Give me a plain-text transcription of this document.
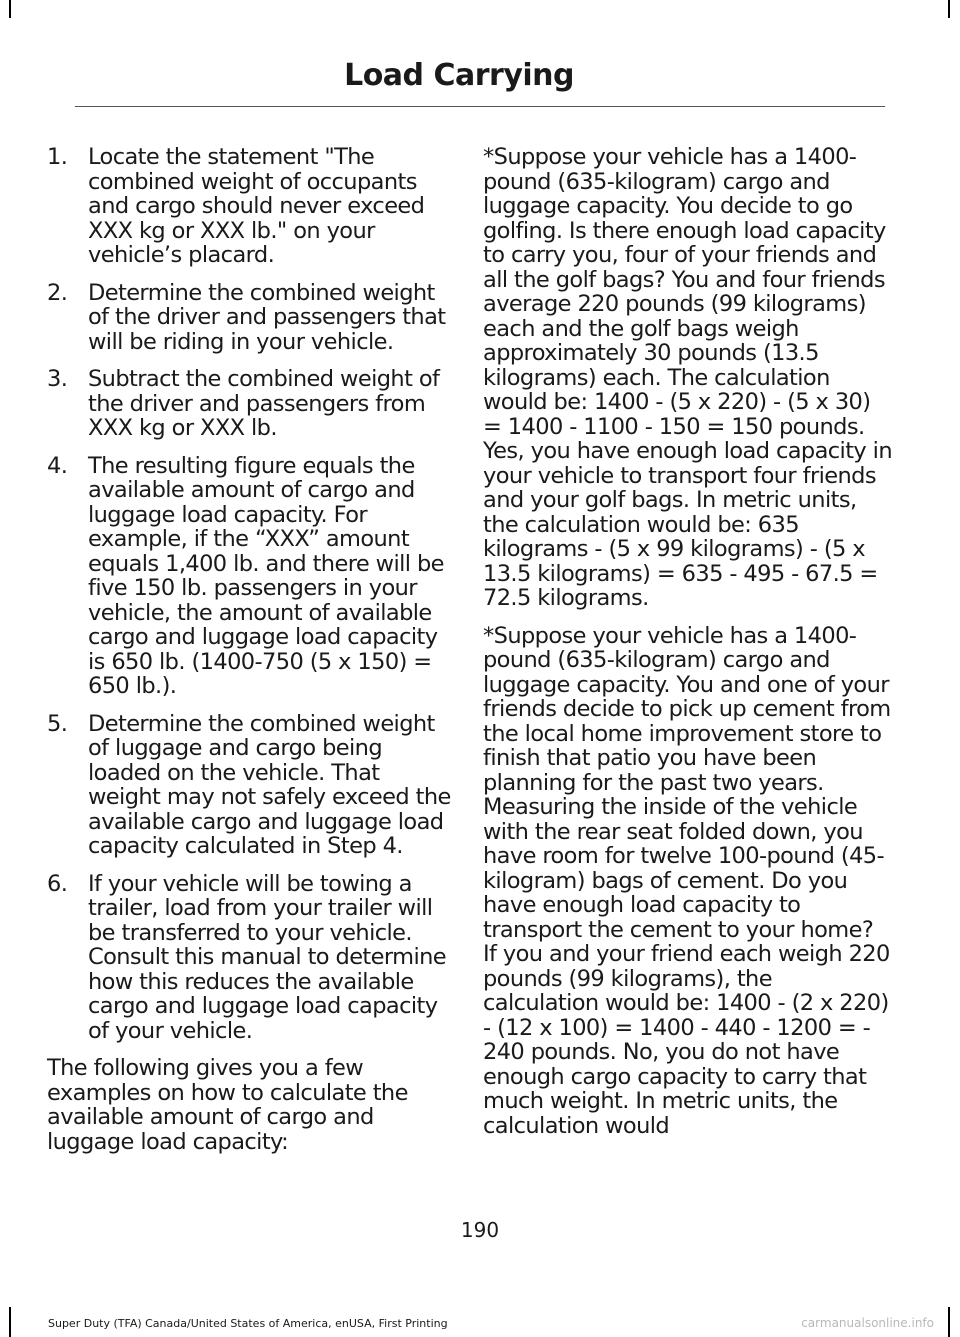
Load Carrying
1. Locate the statement "The combined weight of occupants and cargo should never exceed XXX kg or XXX lb." on your vehicle’s placard.
2. Determine the combined weight of the driver and passengers that will be riding in your vehicle.
3. Subtract the combined weight of the driver and passengers from XXX kg or XXX lb.
4. The resulting figure equals the available amount of cargo and luggage load capacity. For example, if the “XXX” amount equals 1,400 lb. and there will be five 150 lb. passengers in your vehicle, the amount of available cargo and luggage load capacity is 650 lb. (1400-750 (5 x 150) = 650 lb.).
5. Determine the combined weight of luggage and cargo being loaded on the vehicle. That weight may not safely exceed the available cargo and luggage load capacity calculated in Step 4.
6. If your vehicle will be towing a trailer, load from your trailer will be transferred to your vehicle. Consult this manual to determine how this reduces the available cargo and luggage load capacity of your vehicle.

The following gives you a few examples on how to calculate the available amount of cargo and luggage load capacity:

*Suppose your vehicle has a 1400-pound (635-kilogram) cargo and luggage capacity. You decide to go golfing. Is there enough load capacity to carry you, four of your friends and all the golf bags? You and four friends average 220 pounds (99 kilograms) each and the golf bags weigh approximately 30 pounds (13.5 kilograms) each. The calculation would be: 1400 - (5 x 220) - (5 x 30) = 1400 - 1100 - 150 = 150 pounds. Yes, you have enough load capacity in your vehicle to transport four friends and your golf bags. In metric units, the calculation would be: 635 kilograms - (5 x 99 kilograms) - (5 x 13.5 kilograms) = 635 - 495 - 67.5 = 72.5 kilograms.

*Suppose your vehicle has a 1400-pound (635-kilogram) cargo and luggage capacity. You and one of your friends decide to pick up cement from the local home improvement store to finish that patio you have been planning for the past two years. Measuring the inside of the vehicle with the rear seat folded down, you have room for twelve 100-pound (45-kilogram) bags of cement. Do you have enough load capacity to transport the cement to your home? If you and your friend each weigh 220 pounds (99 kilograms), the calculation would be: 1400 - (2 x 220) - (12 x 100) = 1400 - 440 - 1200 = - 240 pounds. No, you do not have enough cargo capacity to carry that much weight. In metric units, the calculation would

190
Super Duty (TFA) Canada/United States of America, enUSA, First Printing	carmanualsonline.info
